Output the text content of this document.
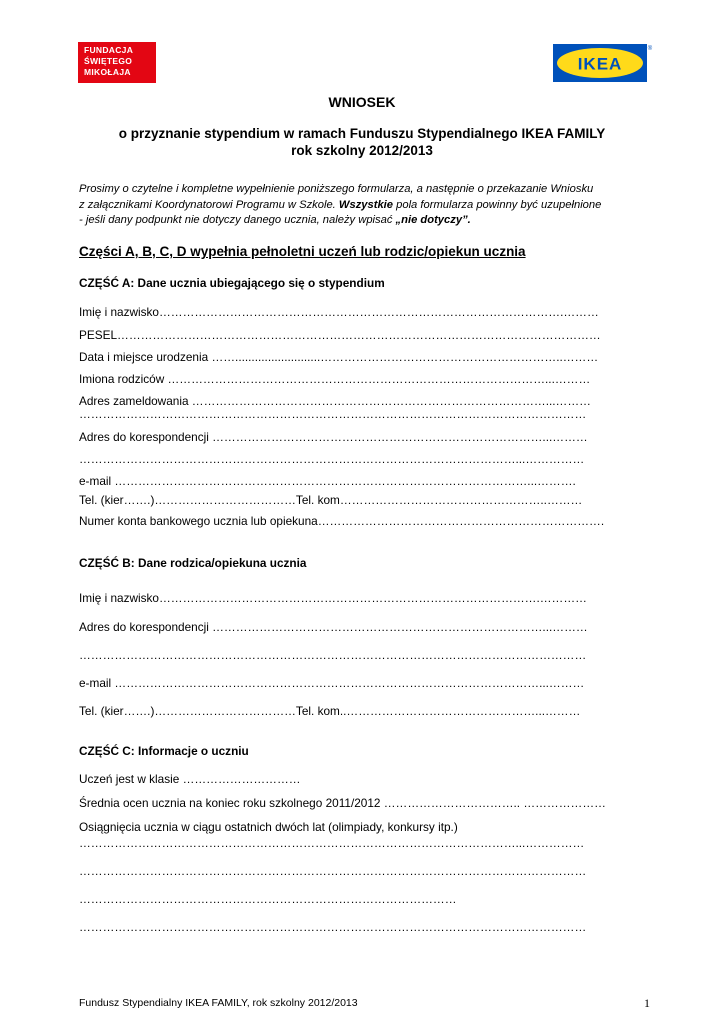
FUNDACJA
ŚWIĘTEGO
MIKOŁAJA	IKEA
®
WNIOSEK
o przyznanie stypendium w ramach Funduszu Stypendialnego IKEA FAMILY
rok szkolny 2012/2013
Prosimy o czytelne i kompletne wypełnienie poniższego formularza, a następnie o przekazanie Wniosku
z załącznikami Koordynatorowi Programu w Szkole. Wszystkie pola formularza powinny być uzupełnione
- jeśli dany podpunkt nie dotyczy danego ucznia, należy wpisać „nie dotyczy”.
Części A, B, C, D wypełnia pełnoletni uczeń lub rodzic/opiekun ucznia
CZĘŚĆ A: Dane ucznia ubiegającego się o stypendium
Imię i nazwisko………………………………………………………………………………………….………
PESEL……………………………………………………………………………………………………………
Data i miejsce urodzenia ……..........................……………………………………………………..………
Imiona rodziców ……………………………………………………………………………………...………
Adres zameldowania ………………………………………………………………………………...………
…………………………………………………………………………………………………………………
Adres do korespondencji …………………………………………………………………………...………
…………………………………………………………………………………………………...……………
e-mail ……………………………………………………………………………………………...……….
Tel. (kier…….)………………………………Tel. kom……………………………………………..………
Numer konta bankowego ucznia lub opiekuna……………………………………………………………….
CZĘŚĆ B: Dane rodzica/opiekuna ucznia
Imię i nazwisko…………………………………………………………………………………….…………
Adres do korespondencji …………………………………………………………………………...………
…………………………………………………………………………………………………………………
e-mail ………………………………………………………………………………………………...………
Tel. (kier…….)………………………………Tel. kom..…………………………………………...………
CZĘŚĆ C: Informacje o uczniu
Uczeń jest w klasie …………………………
Średnia ocen ucznia na koniec roku szkolnego 2011/2012 …………………………….. …………………
Osiągnięcia ucznia w ciągu ostatnich dwóch lat (olimpiady, konkursy itp.)
…………………………………………………………………………………………………...……………
…………………………………………………………………………………………………………………
……………………………………………………………………………………
…………………………………………………………………………………………………………………
Fundusz Stypendialny IKEA FAMILY, rok szkolny 2012/2013	1
